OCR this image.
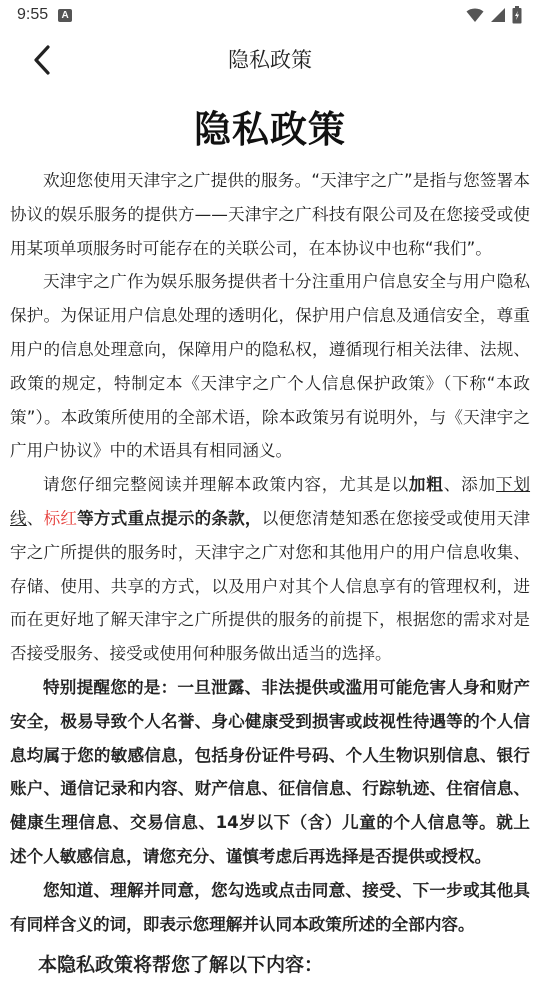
9:55	A
隐私政策
隐私政策

欢迎您使用天津宇之广提供的服务。“天津宇之广”是指与您签署本协议的娱乐服务的提供方——天津宇之广科技有限公司及在您接受或使用某项单项服务时可能存在的关联公司，在本协议中也称“我们”。

天津宇之广作为娱乐服务提供者十分注重用户信息安全与用户隐私保护。为保证用户信息处理的透明化，保护用户信息及通信安全，尊重用户的信息处理意向，保障用户的隐私权，遵循现行相关法律、法规、政策的规定，特制定本《天津宇之广个人信息保护政策》（下称“本政策”）。本政策所使用的全部术语，除本政策另有说明外，与《天津宇之广用户协议》中的术语具有相同涵义。

请您仔细完整阅读并理解本政策内容，尤其是以加粗、添加下划线、标红等方式重点提示的条款，以便您清楚知悉在您接受或使用天津宇之广所提供的服务时，天津宇之广对您和其他用户的用户信息收集、存储、使用、共享的方式，以及用户对其个人信息享有的管理权利，进而在更好地了解天津宇之广所提供的服务的前提下，根据您的需求对是否接受服务、接受或使用何种服务做出适当的选择。

特别提醒您的是：一旦泄露、非法提供或滥用可能危害人身和财产安全，极易导致个人名誉、身心健康受到损害或歧视性待遇等的个人信息均属于您的敏感信息，包括身份证件号码、个人生物识别信息、银行账户、通信记录和内容、财产信息、征信信息、行踪轨迹、住宿信息、健康生理信息、交易信息、14岁以下（含）儿童的个人信息等。就上述个人敏感信息，请您充分、谨慎考虑后再选择是否提供或授权。

您知道、理解并同意，您勾选或点击同意、接受、下一步或其他具有同样含义的词，即表示您理解并认同本政策所述的全部内容。

本隐私政策将帮您了解以下内容：
